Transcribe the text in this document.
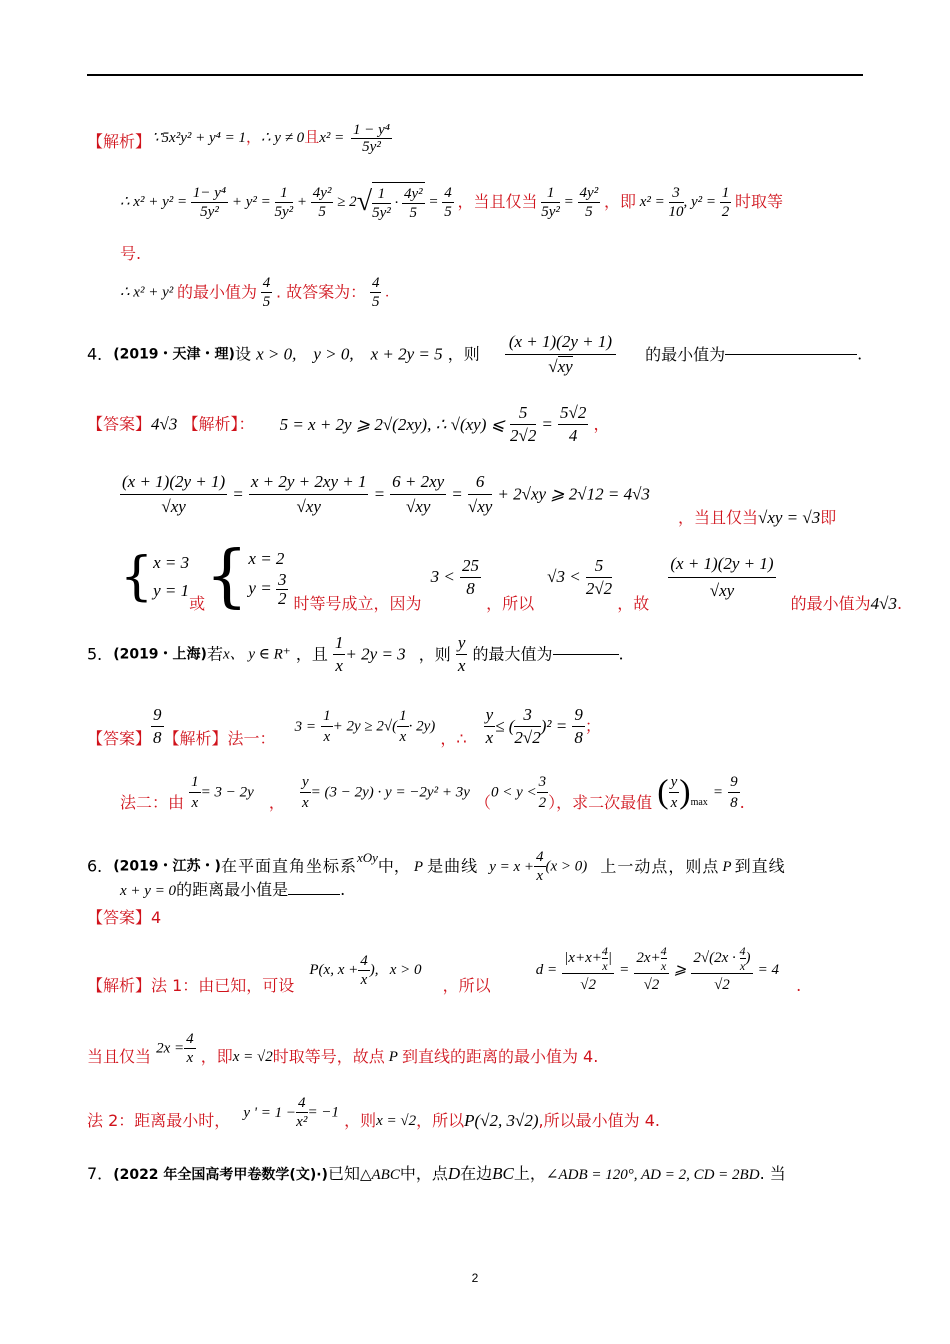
【解析】 ∵5x²y² + y⁴ = 1，∴ y ≠ 0且$x^2 = \frac{\text{1 − y⁴}}{\text{5y²}}$
∴ $x^2 + y^2 = \frac{\text{1− y⁴}}{\text{5y²}} + y^2 = \frac{1}{\text{5y²}} + \frac{\text{4y²}}{5} \ge 2√ \frac{1}{\text{5y²}} \cdot \frac{\text{4y²}}{5} = \frac{4}{5}$ ，当且仅当 $\frac{1}{\text{5y²}} = \frac{\text{4y²}}{5}$ ，即 $x^2 = \frac{3}{10}$ , $y^2 = \frac{1}{2}$ 时取等
号.
∴ x² + y² 的最小值为 $\frac{4}{5}$ . 故答案为： $\frac{4}{5}$ .
4．(2019・天津・理)设 x > 0,    y > 0,    x + 2y = 5 ，则 $\frac{(x + 1)(2y + 1)}{√xy}$ 的最小值为	.
【答案】4√3 【解析】： 5 = x + 2y ⩾ 2√(2xy), ∴ √(xy) ⩽ $\frac{5}{2√2} = \frac{5√2}{4}$ ，
$\frac{(x + 1)(2y + 1)}{√xy} = \frac{x + 2y + 2xy + 1}{√xy} = \frac{6 + 2xy}{√xy} = \frac{6}{√xy} + 2√xy$ ⩾ 2√12 = 4√3
，当且仅当√xy = √3即
{ x = 3
y = 1
或{ x = 2
$y = \frac{3}{2}$ 时等号成立，因为 $3 < \frac{25}{8}$
，所以 $√3 < \frac{5}{2√2}$
，故 $\frac{(x + 1)(2y + 1)}{√xy}$ 的最小值为4√3.
5．(2019・上海)若x、 y ∈ R⁺ ，且 $\frac{1}{x} + 2y = 3$ ，则 $\frac{y}{x}$ 的最大值为	.
【答案】 $\frac{9}{8}$ 【解析】法一： $3 = \frac{1}{x} + 2y \ge 2√( \frac{1}{x} \cdot 2y)$ ，∴ $\frac{y}{x}$ ≤ ( $\frac{3}{2√2} )^2 = \frac{9}{8}$ ；
法二：由 $\frac{1}{x} = 3 - 2y$ ， $\frac{y}{x} = (3 - 2y) \cdot y = -2y^2 + 3y$ （$0 < y < \frac{3}{2}$ ），求二次最值 ( $\frac{y}{x} )\max = \frac{9}{8}$ .
6．(2019・江苏・)在平面直角坐标系$^{xOy}$中， P 是曲线 $y = x + \frac{4}{x} (x > 0)$ 上一动点，则点 P 到直线
x + y = 0的距离最小值是	.
【答案】4
【解析】法 1：由已知，可设 P(x, $x + \frac{4}{x}$ ),   x > 0 ，所以 $d = \frac{|x+x+ \frac{4}{x} |}{√2} = \frac{2x+ \frac{4}{x}}{√2}$ ⩾ $\frac{2√(2x \cdot \frac{4}{x} )}{√2} = 4$ .
当且仅当 $2x = \frac{4}{x}$ ，即x = √2时取等号，故点 P 到直线的距离的最小值为 4.
法 2：距离最小时， y ' = $1 - \frac{4}{\text{x²}} = -1$ ，则x = √2，所以P(√2, 3√2),所以最小值为 4.
7．(2022 年全国高考甲卷数学(文)·)已知△ABC中，点D在边BC上，∠ADB = 120°, AD = 2, CD = 2BD. 当
2
